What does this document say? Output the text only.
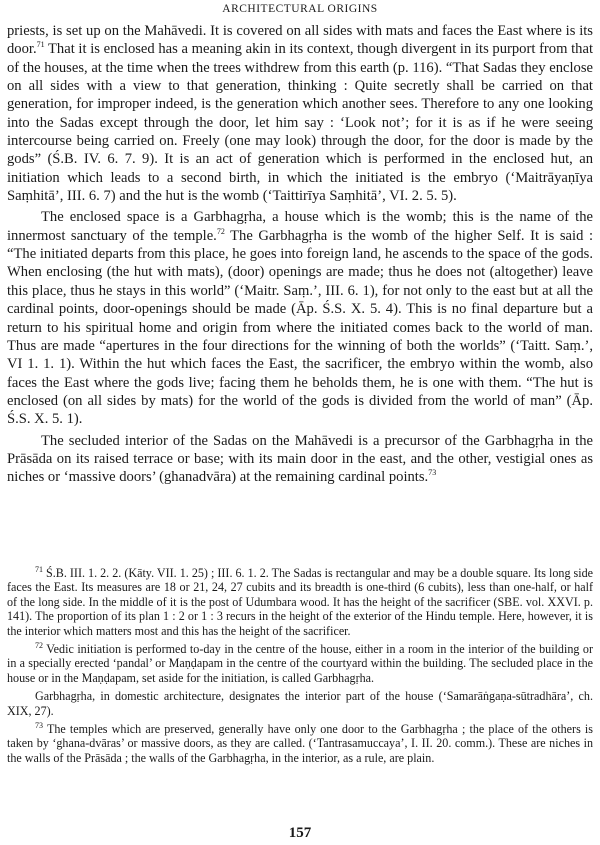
ARCHITECTURAL ORIGINS

priests, is set up on the Mahāvedi. It is covered on all sides with mats and faces the East where is its door.$^{71}$ That it is enclosed has a meaning akin in its context, though divergent in its purport from that of the houses, at the time when the trees withdrew from this earth (p. 116). “That Sadas they enclose on all sides with a view to that generation, thinking : Quite secretly shall be carried on that generation, for improper indeed, is the generation which another sees. Therefore to any one looking into the Sadas except through the door, let him say : ‘Look not’; for it is as if he were seeing intercourse being carried on. Freely (one may look) through the door, for the door is made by the gods” (Ś.B. IV. 6. 7. 9). It is an act of generation which is performed in the enclosed hut, an initiation which leads to a second birth, in which the initiated is the embryo (‘Maitrāyaṇīya Saṃhitā’, III. 6. 7) and the hut is the womb (‘Taittirīya Saṃhitā’, VI. 2. 5. 5).

The enclosed space is a Garbhagṛha, a house which is the womb; this is the name of the innermost sanctuary of the temple.$^{72}$ The Garbhagṛha is the womb of the higher Self. It is said : “The initiated departs from this place, he goes into foreign land, he ascends to the space of the gods. When enclosing (the hut with mats), (door) openings are made; thus he does not (altogether) leave this place, thus he stays in this world” (‘Maitr. Saṃ.’, III. 6. 1), for not only to the east but at all the cardinal points, door-openings should be made (Āp. Ś.S. X. 5. 4). This is no final departure but a return to his spiritual home and origin from where the initiated comes back to the world of man. Thus are made “apertures in the four directions for the winning of both the worlds” (‘Taitt. Saṃ.’, VI 1. 1. 1). Within the hut which faces the East, the sacrificer, the embryo within the womb, also faces the East where the gods live; facing them he beholds them, he is one with them. “The hut is enclosed (on all sides by mats) for the world of the gods is divided from the world of man” (Āp. Ś.S. X. 5. 1).

The secluded interior of the Sadas on the Mahāvedi is a precursor of the Garbhagṛha in the Prāsāda on its raised terrace or base; with its main door in the east, and the other, vestigial ones as niches or ‘massive doors’ (ghanadvāra) at the remaining cardinal points.$^{73}$

$^{71}$ Ś.B. III. 1. 2. 2. (Kāty. VII. 1. 25) ; III. 6. 1. 2. The Sadas is rectangular and may be a double square. Its long side faces the East. Its measures are 18 or 21, 24, 27 cubits and its breadth is one-third (6 cubits), less than one-half, or half of the long side. In the middle of it is the post of Udumbara wood. It has the height of the sacrificer (SBE. vol. XXVI. p. 141). The proportion of its plan 1 : 2 or 1 : 3 recurs in the height of the exterior of the Hindu temple. Here, however, it is the interior which matters most and this has the height of the sacrificer.

$^{72}$ Vedic initiation is performed to-day in the centre of the house, either in a room in the interior of the building or in a specially erected ‘pandal’ or Maṇḍapam in the centre of the courtyard within the building. The secluded place in the house or in the Maṇḍapam, set aside for the initiation, is called Garbhagṛha.

Garbhagṛha, in domestic architecture, designates the interior part of the house (‘Samarāṅgaṇa-sūtradhāra’, ch. XIX, 27).

$^{73}$ The temples which are preserved, generally have only one door to the Garbhagṛha ; the place of the others is taken by ‘ghana-dvāras’ or massive doors, as they are called. (‘Tantrasamuccaya’, I. II. 20. comm.). These are niches in the walls of the Prāsāda ; the walls of the Garbhagṛha, in the interior, as a rule, are plain.

157
